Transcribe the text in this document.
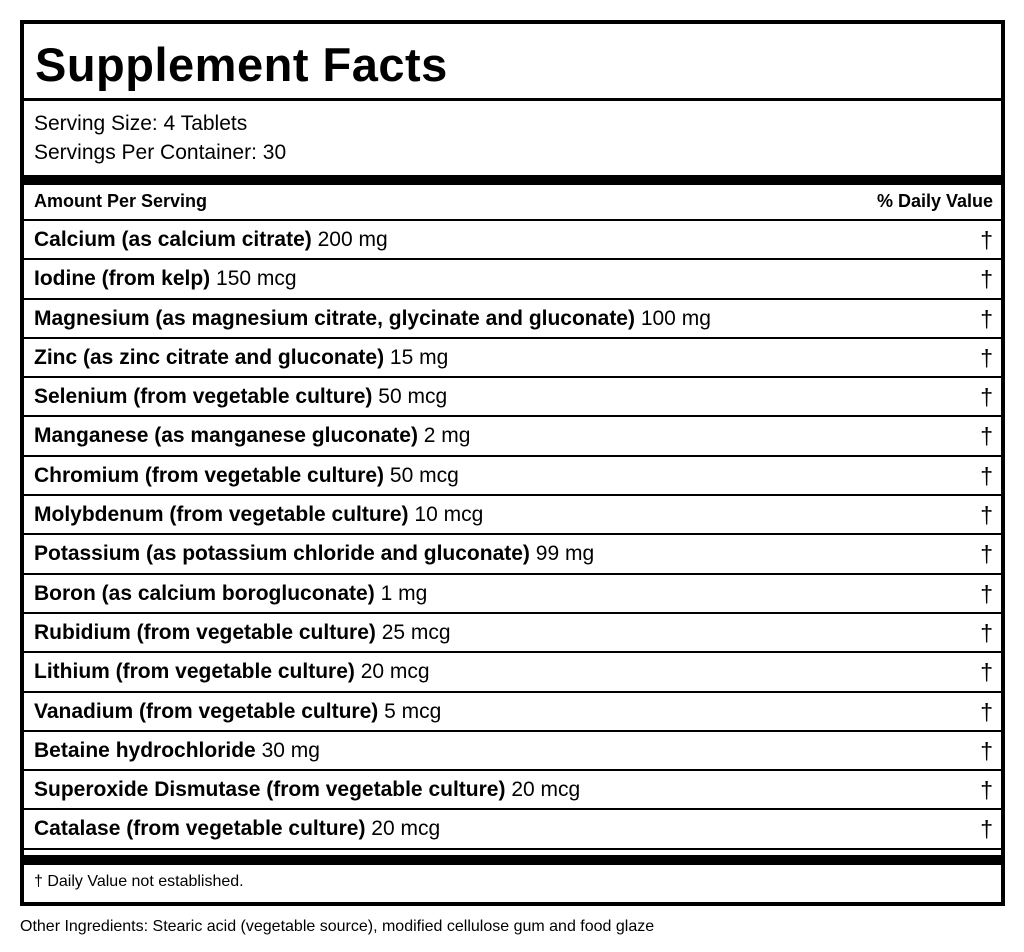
Supplement Facts
Serving Size: 4 Tablets
Servings Per Container: 30
Amount Per Serving	% Daily Value
Calcium (as calcium citrate) 200 mg	†
Iodine (from kelp) 150 mcg	†
Magnesium (as magnesium citrate, glycinate and gluconate) 100 mg	†
Zinc (as zinc citrate and gluconate) 15 mg	†
Selenium (from vegetable culture) 50 mcg	†
Manganese (as manganese gluconate) 2 mg	†
Chromium (from vegetable culture) 50 mcg	†
Molybdenum (from vegetable culture) 10 mcg	†
Potassium (as potassium chloride and gluconate) 99 mg	†
Boron (as calcium borogluconate) 1 mg	†
Rubidium (from vegetable culture) 25 mcg	†
Lithium (from vegetable culture) 20 mcg	†
Vanadium (from vegetable culture) 5 mcg	†
Betaine hydrochloride 30 mg	†
Superoxide Dismutase (from vegetable culture) 20 mcg	†
Catalase (from vegetable culture) 20 mcg	†
† Daily Value not established.
Other Ingredients: Stearic acid (vegetable source), modified cellulose gum and food glaze
